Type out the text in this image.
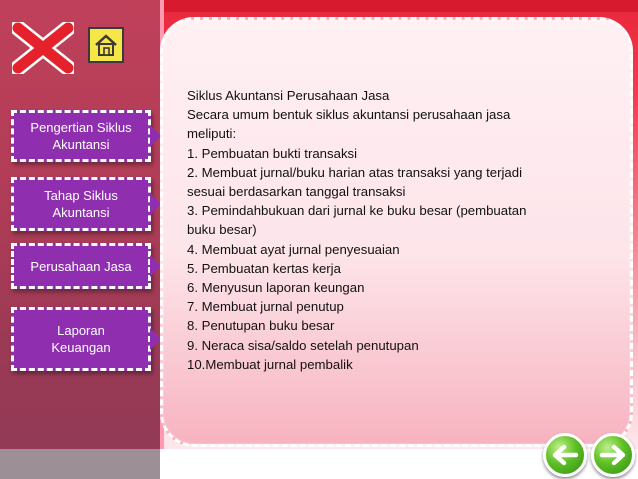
Pengertian Siklus Akuntansi
Tahap Siklus Akuntansi
Perusahaan Jasa
Laporan Keuangan
Siklus Akuntansi Perusahaan Jasa
Secara umum bentuk siklus akuntansi perusahaan jasa
meliputi:
1. Pembuatan bukti transaksi
2. Membuat jurnal/buku harian atas transaksi yang terjadi
sesuai berdasarkan tanggal transaksi
3. Pemindahbukuan dari jurnal ke buku besar (pembuatan
buku besar)
4. Membuat ayat jurnal penyesuaian
5. Pembuatan kertas kerja
6. Menyusun laporan keungan
7. Membuat jurnal penutup
8. Penutupan buku besar
9. Neraca sisa/saldo setelah penutupan
10.Membuat jurnal pembalik
